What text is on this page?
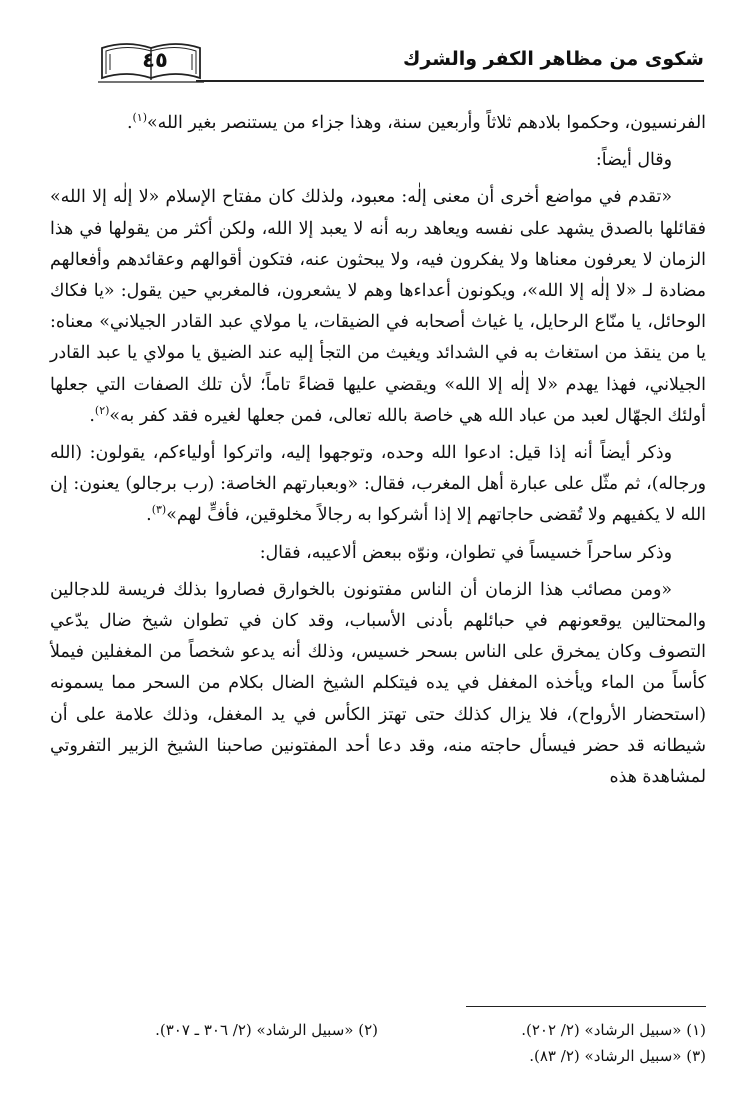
شكوى من مظاهر الكفر والشرك
٤٥

الفرنسيون، وحكموا بلادهم ثلاثاً وأربعين سنة، وهذا جزاء من يستنصر بغير الله»$^{(١)}$.

وقال أيضاً:

«تقدم في مواضع أخرى أن معنى إلٰه: معبود، ولذلك كان مفتاح الإسلام «لا إلٰه إلا الله» فقائلها بالصدق يشهد على نفسه ويعاهد ربه أنه لا يعبد إلا الله، ولكن أكثر من يقولها في هذا الزمان لا يعرفون معناها ولا يفكرون فيه، ولا يبحثون عنه، فتكون أقوالهم وعقائدهم وأفعالهم مضادة لـ «لا إلٰه إلا الله»، ويكونون أعداءها وهم لا يشعرون، فالمغربي حين يقول: «يا فكاك الوحائل، يا منّاع الرحايل، يا غياث أصحابه في الضيقات، يا مولاي عبد القادر الجيلاني» معناه: يا من ينقذ من استغاث به في الشدائد ويغيث من التجأ إليه عند الضيق يا مولاي يا عبد القادر الجيلاني، فهذا يهدم «لا إلٰه إلا الله» ويقضي عليها قضاءً تاماً؛ لأن تلك الصفات التي جعلها أولئك الجهّال لعبد من عباد الله هي خاصة بالله تعالى، فمن جعلها لغيره فقد كفر به»$^{(٢)}$.

وذكر أيضاً أنه إذا قيل: ادعوا الله وحده، وتوجهوا إليه، واتركوا أولياءكم، يقولون: (الله ورجاله)، ثم مثّل على عبارة أهل المغرب، فقال: «وبعبارتهم الخاصة: (رب برجالو) يعنون: إن الله لا يكفيهم ولا تُقضى حاجاتهم إلا إذا أشركوا به رجالاً مخلوقين، فأفٍّ لهم»$^{(٣)}$.

وذكر ساحراً خسيساً في تطوان، ونوّه ببعض ألاعيبه، فقال:

«ومن مصائب هذا الزمان أن الناس مفتونون بالخوارق فصاروا بذلك فريسة للدجالين والمحتالين يوقعونهم في حبائلهم بأدنى الأسباب، وقد كان في تطوان شيخ ضال يدّعي التصوف وكان يمخرق على الناس بسحر خسيس، وذلك أنه يدعو شخصاً من المغفلين فيملأ كأساً من الماء ويأخذه المغفل في يده فيتكلم الشيخ الضال بكلام من السحر مما يسمونه (استحضار الأرواح)، فلا يزال كذلك حتى تهتز الكأس في يد المغفل، وذلك علامة على أن شيطانه قد حضر فيسأل حاجته منه، وقد دعا أحد المفتونين صاحبنا الشيخ الزبير التفروتي لمشاهدة هذه

(١) «سبيل الرشاد» (٢/ ٢٠٢).
(٢) «سبيل الرشاد» (٢/ ٣٠٦ ـ ٣٠٧).
(٣) «سبيل الرشاد» (٢/ ٨٣).
